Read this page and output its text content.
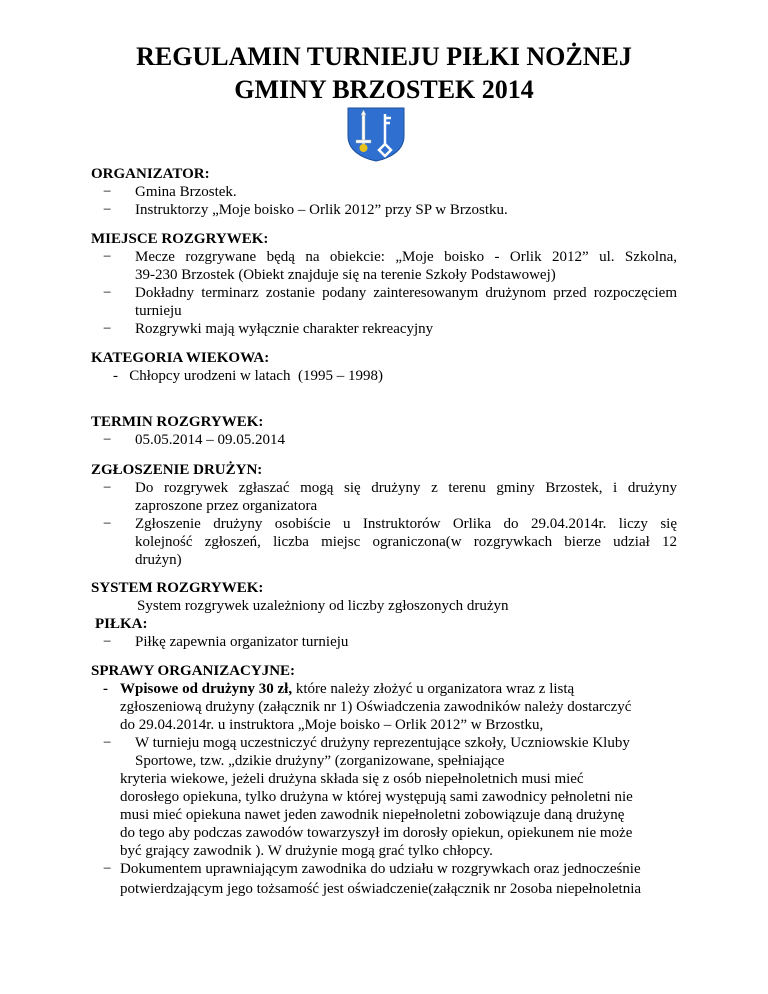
REGULAMIN TURNIEJU PIŁKI NOŻNEJ
GMINY BRZOSTEK 2014
ORGANIZATOR:
− Gmina Brzostek.
− Instruktorzy „Moje boisko – Orlik 2012” przy SP w Brzostku.
MIEJSCE ROZGRYWEK:
− Mecze rozgrywane będą na obiekcie: „Moje boisko - Orlik 2012” ul. Szkolna,
39-230 Brzostek (Obiekt znajduje się na terenie Szkoły Podstawowej)
− Dokładny terminarz zostanie podany zainteresowanym drużynom przed rozpoczęciem
turnieju
− Rozgrywki mają wyłącznie charakter rekreacyjny
KATEGORIA WIEKOWA:
-   Chłopcy urodzeni w latach  (1995 – 1998)
TERMIN ROZGRYWEK:
− 05.05.2014 – 09.05.2014
ZGŁOSZENIE DRUŻYN:
− Do rozgrywek zgłaszać mogą się drużyny z terenu gminy Brzostek, i drużyny
zaproszone przez organizatora
− Zgłoszenie drużyny osobiście u Instruktorów Orlika do 29.04.2014r. liczy się
kolejność zgłoszeń, liczba miejsc ograniczona(w rozgrywkach bierze udział 12
drużyn)
SYSTEM ROZGRYWEK:
System rozgrywek uzależniony od liczby zgłoszonych drużyn
PIŁKA:
− Piłkę zapewnia organizator turnieju
SPRAWY ORGANIZACYJNE:
- Wpisowe od drużyny 30 zł, które należy złożyć u organizatora wraz z listą
zgłoszeniową drużyny (załącznik nr 1) Oświadczenia zawodników należy dostarczyć
do 29.04.2014r. u instruktora „Moje boisko – Orlik 2012” w Brzostku,
− W turnieju mogą uczestniczyć drużyny reprezentujące szkoły, Uczniowskie Kluby
Sportowe, tzw. „dzikie drużyny” (zorganizowane, spełniające
kryteria wiekowe, jeżeli drużyna składa się z osób niepełnoletnich musi mieć
dorosłego opiekuna, tylko drużyna w której występują sami zawodnicy pełnoletni nie
musi mieć opiekuna nawet jeden zawodnik niepełnoletni zobowiązuje daną drużynę
do tego aby podczas zawodów towarzyszył im dorosły opiekun, opiekunem nie może
być grający zawodnik ). W drużynie mogą grać tylko chłopcy.
− Dokumentem uprawniającym zawodnika do udziału w rozgrywkach oraz jednocześnie
potwierdzającym jego tożsamość jest oświadczenie(załącznik nr 2osoba niepełnoletnia
